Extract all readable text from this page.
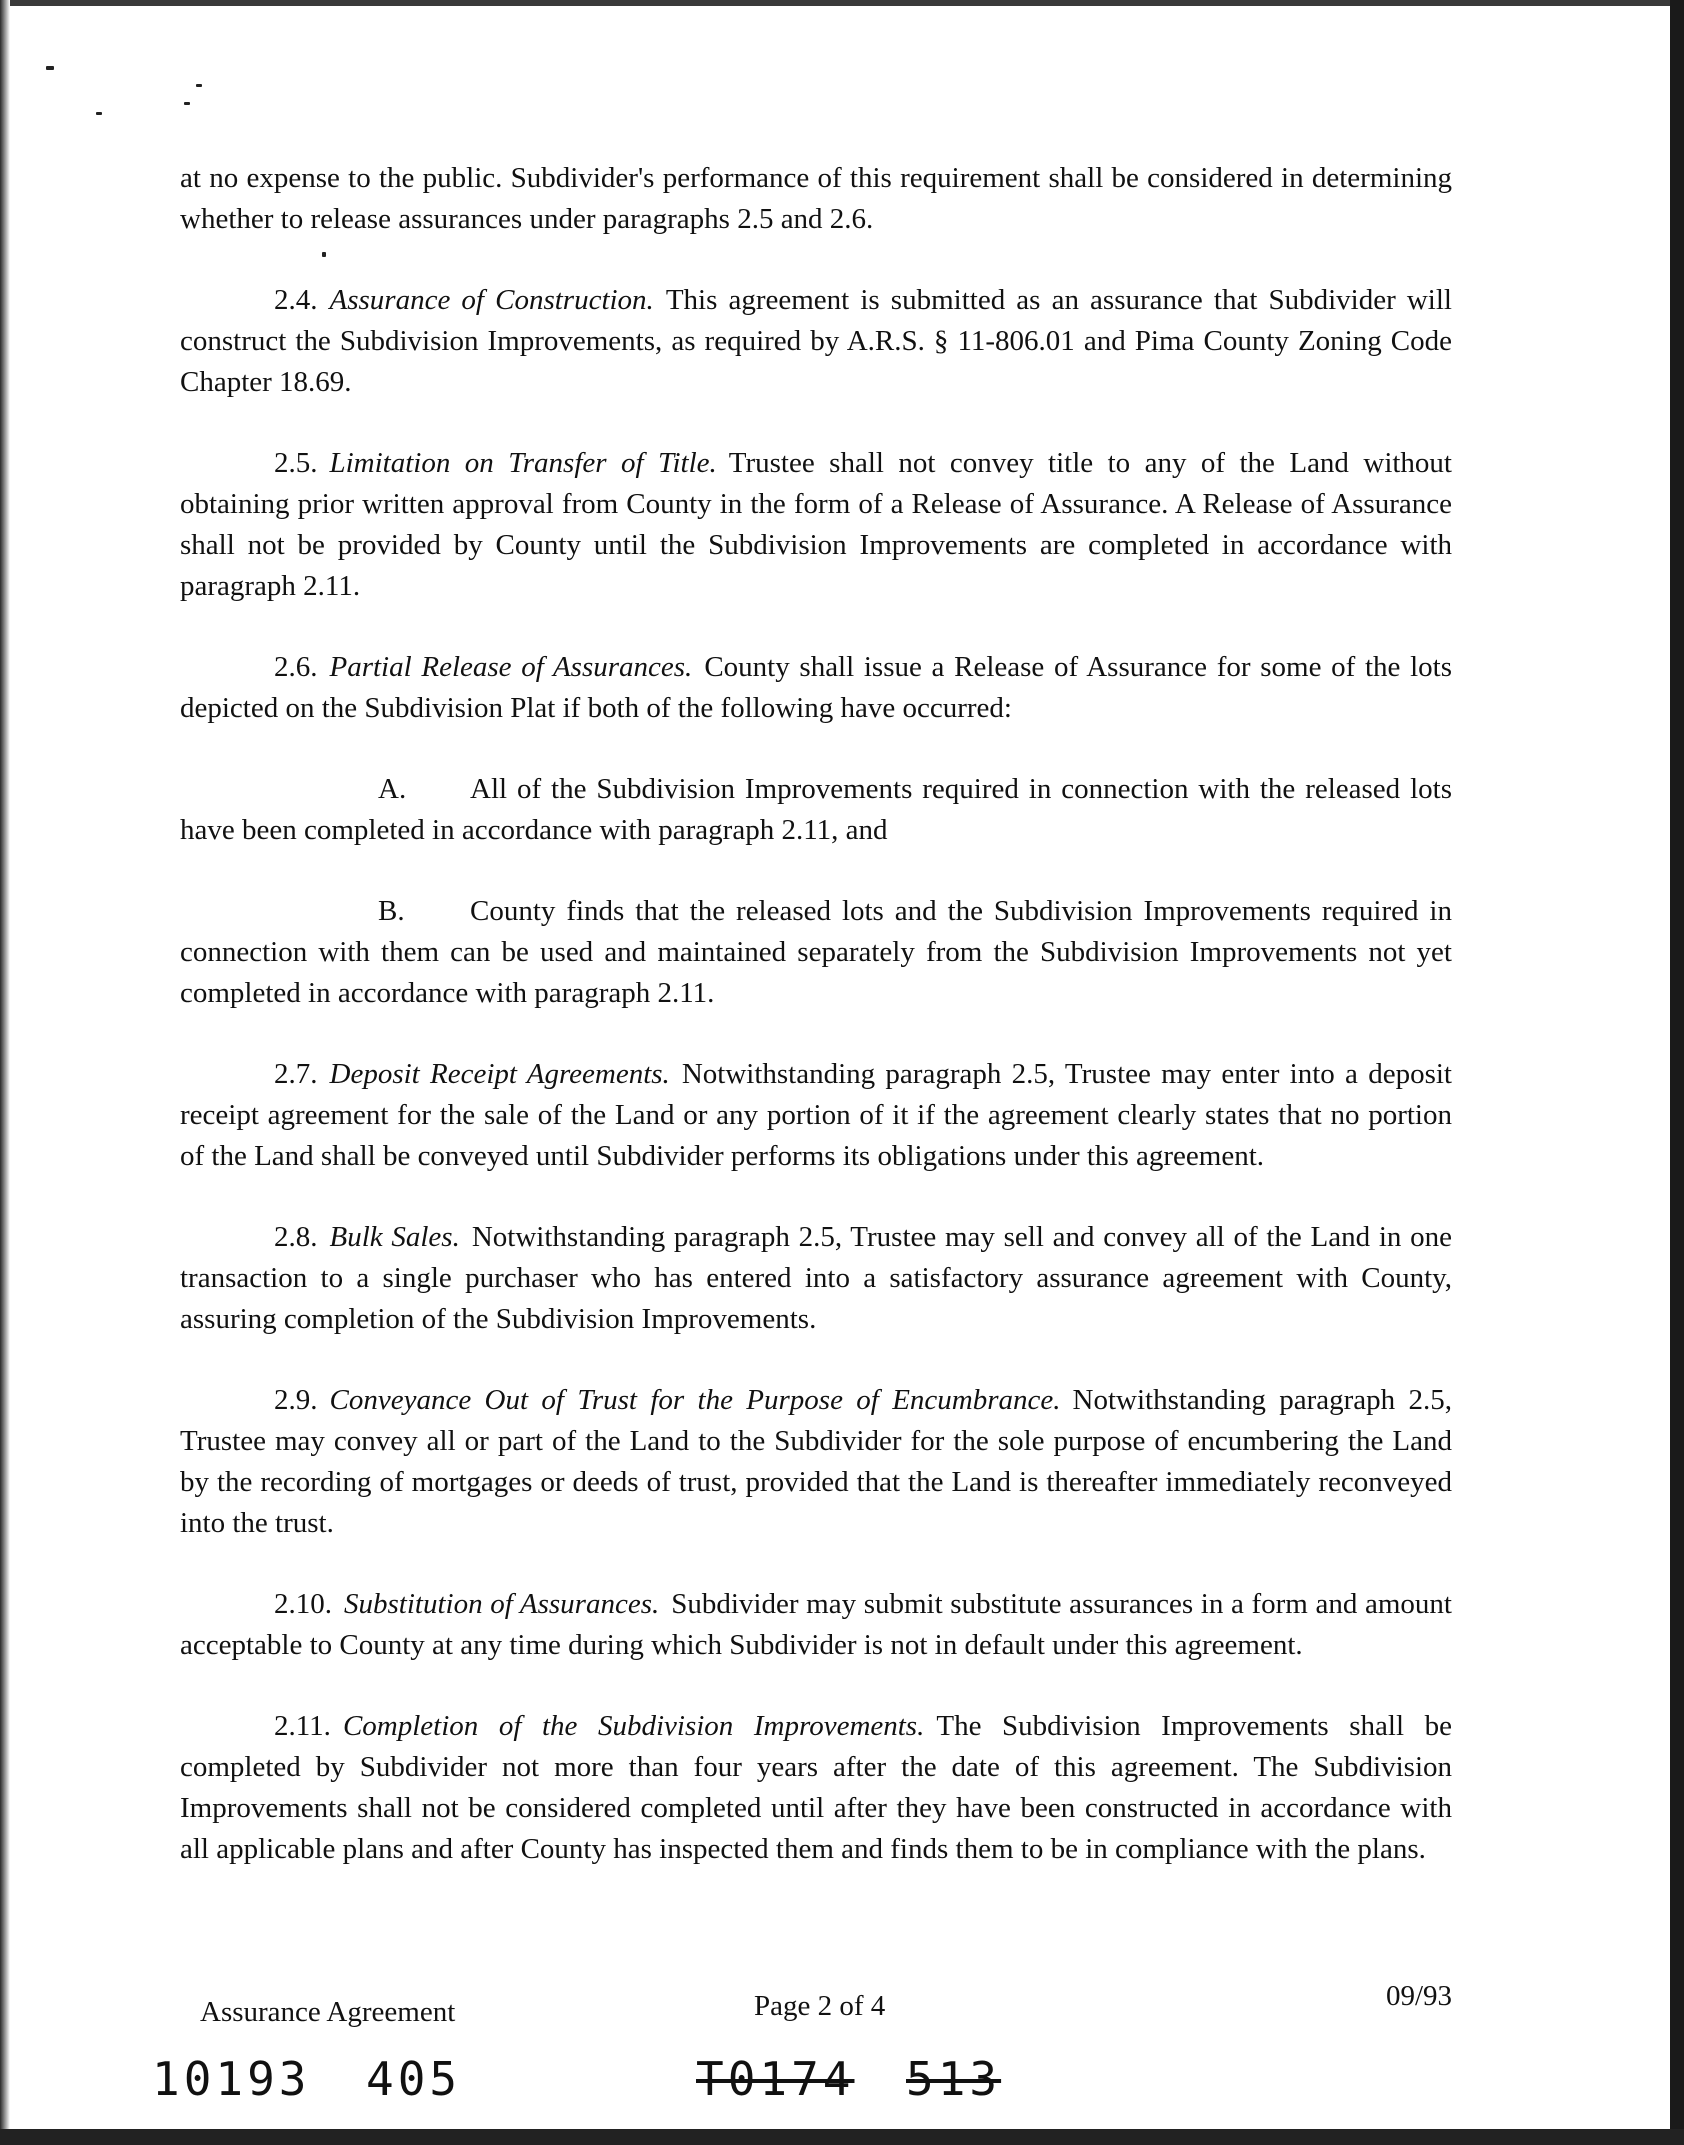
at no expense to the public. Subdivider's performance of this requirement shall be considered in determining whether to release assurances under paragraphs 2.5 and 2.6.

2.4. Assurance of Construction. This agreement is submitted as an assurance that Subdivider will construct the Subdivision Improvements, as required by A.R.S. § 11-806.01 and Pima County Zoning Code Chapter 18.69.

2.5. Limitation on Transfer of Title. Trustee shall not convey title to any of the Land without obtaining prior written approval from County in the form of a Release of Assurance. A Release of Assurance shall not be provided by County until the Subdivision Improvements are completed in accordance with paragraph 2.11.

2.6. Partial Release of Assurances. County shall issue a Release of Assurance for some of the lots depicted on the Subdivision Plat if both of the following have occurred:

A. All of the Subdivision Improvements required in connection with the released lots have been completed in accordance with paragraph 2.11, and

B. County finds that the released lots and the Subdivision Improvements required in connection with them can be used and maintained separately from the Subdivision Improvements not yet completed in accordance with paragraph 2.11.

2.7. Deposit Receipt Agreements. Notwithstanding paragraph 2.5, Trustee may enter into a deposit receipt agreement for the sale of the Land or any portion of it if the agreement clearly states that no portion of the Land shall be conveyed until Subdivider performs its obligations under this agreement.

2.8. Bulk Sales. Notwithstanding paragraph 2.5, Trustee may sell and convey all of the Land in one transaction to a single purchaser who has entered into a satisfactory assurance agreement with County, assuring completion of the Subdivision Improvements.

2.9. Conveyance Out of Trust for the Purpose of Encumbrance. Notwithstanding paragraph 2.5, Trustee may convey all or part of the Land to the Subdivider for the sole purpose of encumbering the Land by the recording of mortgages or deeds of trust, provided that the Land is thereafter immediately reconveyed into the trust.

2.10. Substitution of Assurances. Subdivider may submit substitute assurances in a form and amount acceptable to County at any time during which Subdivider is not in default under this agreement.

2.11. Completion of the Subdivision Improvements. The Subdivision Improvements shall be completed by Subdivider not more than four years after the date of this agreement. The Subdivision Improvements shall not be considered completed until after they have been constructed in accordance with all applicable plans and after County has inspected them and finds them to be in compliance with the plans.

Assurance Agreement	Page 2 of 4	09/93
10193 405	T0174 513
